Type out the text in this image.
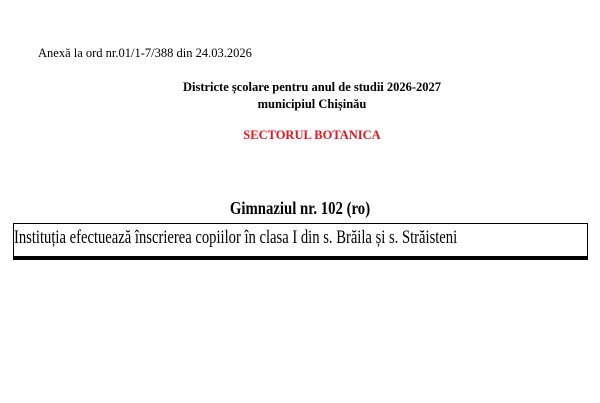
Anexă la ord nr.01/1-7/388 din 24.03.2026
Districte școlare pentru anul de studii 2026-2027
municipiul Chișinău
SECTORUL BOTANICA
Gimnaziul nr. 102 (ro)
Instituția efectuează înscrierea copiilor în clasa I din s. Brăila și s. Străisteni
